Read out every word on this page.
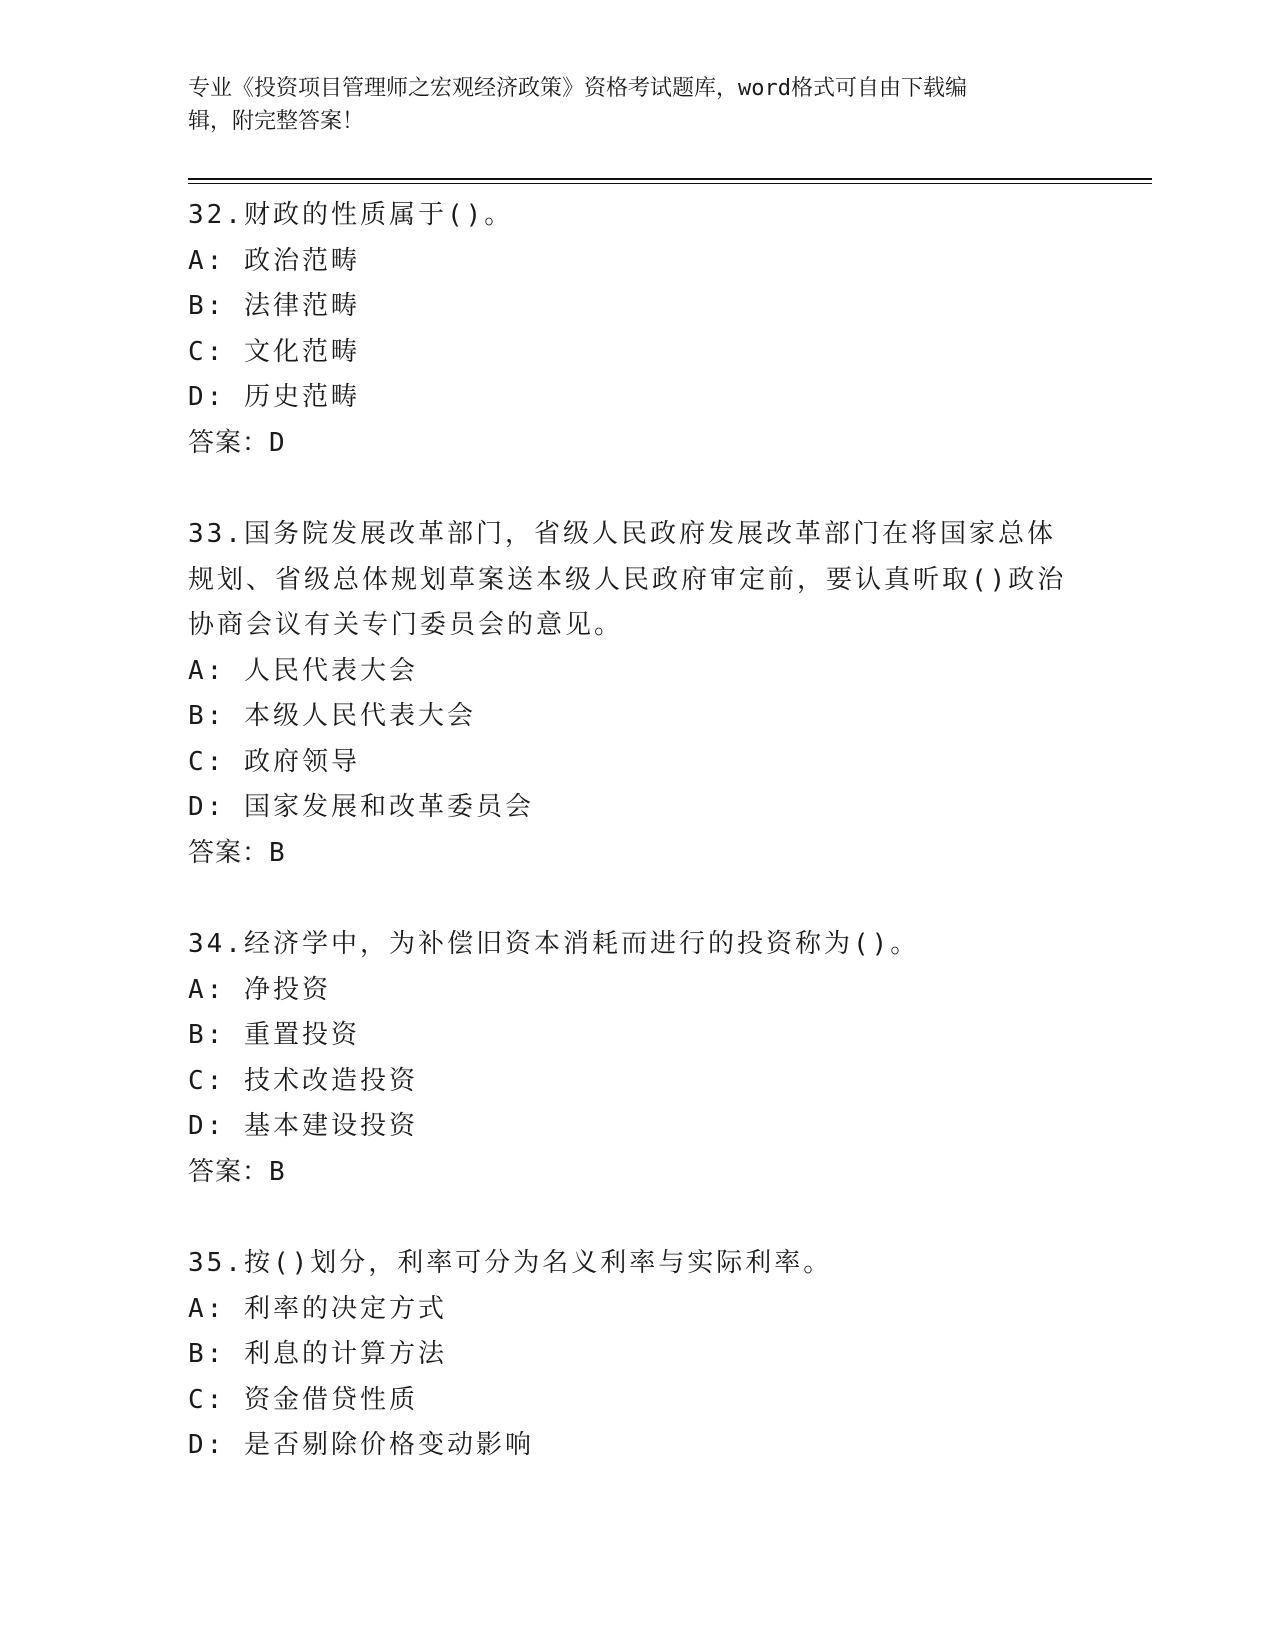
专业《投资项目管理师之宏观经济政策》资格考试题库，word格式可自由下载编
辑，附完整答案！
32.财政的性质属于()。
A: 政治范畴
B: 法律范畴
C: 文化范畴
D: 历史范畴
答案：D
33.国务院发展改革部门，省级人民政府发展改革部门在将国家总体规划、省级总体规划草案送本级人民政府审定前，要认真听取()政治协商会议有关专门委员会的意见。
A: 人民代表大会
B: 本级人民代表大会
C: 政府领导
D: 国家发展和改革委员会
答案：B
34.经济学中，为补偿旧资本消耗而进行的投资称为()。
A: 净投资
B: 重置投资
C: 技术改造投资
D: 基本建设投资
答案：B
35.按()划分，利率可分为名义利率与实际利率。
A: 利率的决定方式
B: 利息的计算方法
C: 资金借贷性质
D: 是否剔除价格变动影响
